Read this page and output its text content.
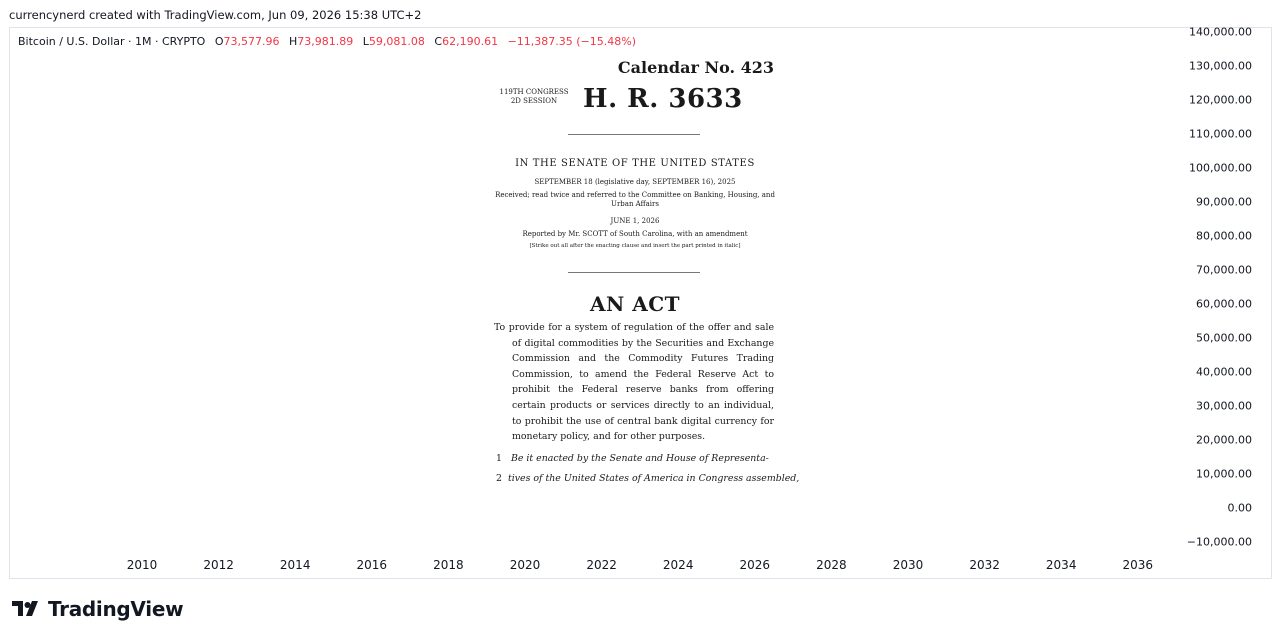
currencynerd created with TradingView.com, Jun 09, 2026 15:38 UTC+2
Bitcoin / U.S. Dollar · 1M · CRYPTO O73,577.96 H73,981.89 L59,081.08 C62,190.61 −11,387.35 (−15.48%)
140,000.00
130,000.00
120,000.00
110,000.00
100,000.00
90,000.00
80,000.00
70,000.00
60,000.00
50,000.00
40,000.00
30,000.00
20,000.00
10,000.00
0.00
−10,000.00
2010	2012	2014	2016	2018	2020	2022	2024	2026	2028	2030	2032	2034	2036
Calendar No. 423
119TH CONGRESS
2D SESSION H. R. 3633
IN THE SENATE OF THE UNITED STATES
SEPTEMBER 18 (legislative day, SEPTEMBER 16), 2025
Received; read twice and referred to the Committee on Banking, Housing, and
Urban Affairs
JUNE 1, 2026
Reported by Mr. SCOTT of South Carolina, with an amendment
[Strike out all after the enacting clause and insert the part printed in italic]
AN ACT
To provide for a system of regulation of the offer and sale of digital commodities by the Securities and Exchange Commission and the Commodity Futures Trading Commission, to amend the Federal Reserve Act to prohibit the Federal reserve banks from offering certain products or services directly to an individual, to prohibit the use of central bank digital currency for monetary policy, and for other purposes.
1 Be it enacted by the Senate and House of Representa-
2 tives of the United States of America in Congress assembled,
TradingView
